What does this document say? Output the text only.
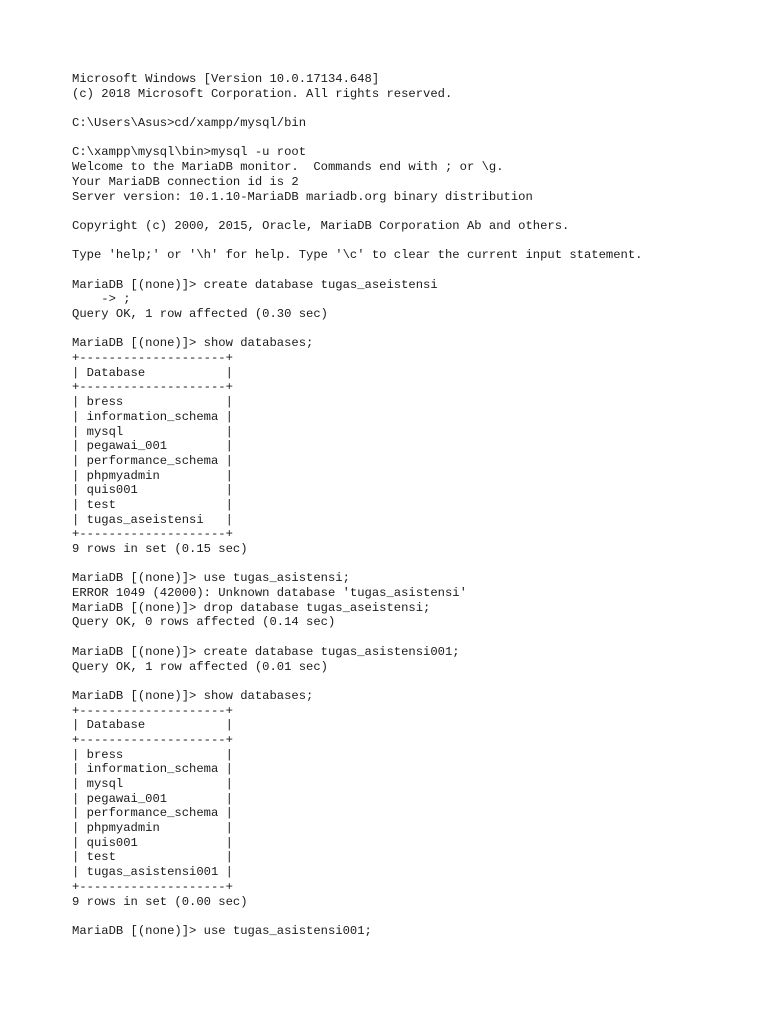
Microsoft Windows [Version 10.0.17134.648]
(c) 2018 Microsoft Corporation. All rights reserved.
C:\Users\Asus>cd/xampp/mysql/bin
C:\xampp\mysql\bin>mysql -u root
Welcome to the MariaDB monitor.  Commands end with ; or \g.
Your MariaDB connection id is 2
Server version: 10.1.10-MariaDB mariadb.org binary distribution
Copyright (c) 2000, 2015, Oracle, MariaDB Corporation Ab and others.
Type 'help;' or '\h' for help. Type '\c' to clear the current input statement.
MariaDB [(none)]> create database tugas_aseistensi
-> ;
Query OK, 1 row affected (0.30 sec)
MariaDB [(none)]> show databases;
+--------------------+
| Database           |
+--------------------+
| bress              |
| information_schema |
| mysql              |
| pegawai_001        |
| performance_schema |
| phpmyadmin         |
| quis001            |
| test               |
| tugas_aseistensi   |
+--------------------+
9 rows in set (0.15 sec)
MariaDB [(none)]> use tugas_asistensi;
ERROR 1049 (42000): Unknown database 'tugas_asistensi'
MariaDB [(none)]> drop database tugas_aseistensi;
Query OK, 0 rows affected (0.14 sec)
MariaDB [(none)]> create database tugas_asistensi001;
Query OK, 1 row affected (0.01 sec)
MariaDB [(none)]> show databases;
+--------------------+
| Database           |
+--------------------+
| bress              |
| information_schema |
| mysql              |
| pegawai_001        |
| performance_schema |
| phpmyadmin         |
| quis001            |
| test               |
| tugas_asistensi001 |
+--------------------+
9 rows in set (0.00 sec)
MariaDB [(none)]> use tugas_asistensi001;
